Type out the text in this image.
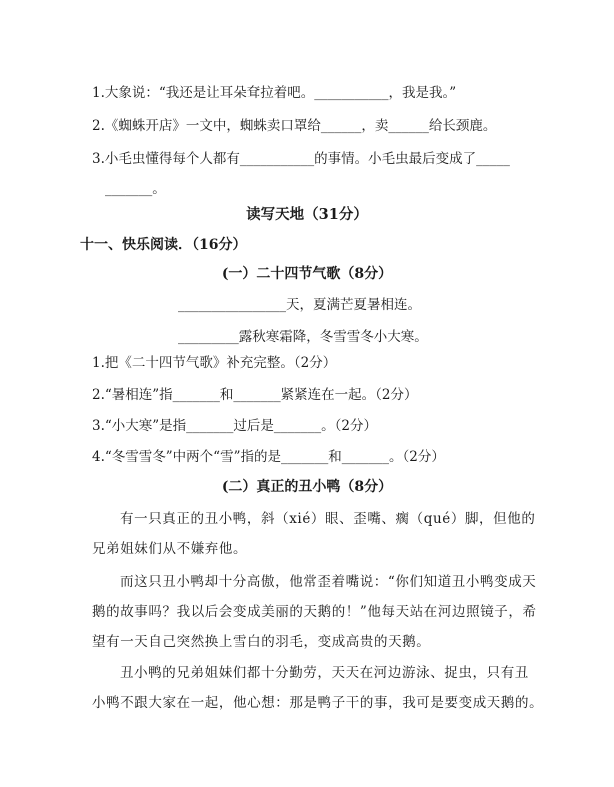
1.大象说：“我还是让耳朵耷拉着吧。___________，我是我。”
2.《蜘蛛开店》一文中，蜘蛛卖口罩给______，卖______给长颈鹿。
3.小毛虫懂得每个人都有___________的事情。小毛虫最后变成了_____
_______。
读写天地（31分）
十一、快乐阅读．（16分）
(一）二十四节气歌（8分）
________________天，夏满芒夏暑相连。
_________露秋寒霜降，冬雪雪冬小大寒。
1.把《二十四节气歌》补充完整。（2分）
2.“暑相连”指_______和_______紧紧连在一起。（2分）
3.“小大寒”是指_______过后是_______。（2分）
4.“冬雪雪冬”中两个“雪”指的是_______和_______。（2分）
(二）真正的丑小鸭（8分）
有一只真正的丑小鸭，斜（xié）眼、歪嘴、瘸（qué）脚，但他的
兄弟姐妹们从不嫌弃他。
而这只丑小鸭却十分高傲，他常歪着嘴说：“你们知道丑小鸭变成天
鹅的故事吗？我以后会变成美丽的天鹅的！”他每天站在河边照镜子，希
望有一天自己突然换上雪白的羽毛，变成高贵的天鹅。
丑小鸭的兄弟姐妹们都十分勤劳，天天在河边游泳、捉虫，只有丑
小鸭不跟大家在一起，他心想：那是鸭子干的事，我可是要变成天鹅的。
